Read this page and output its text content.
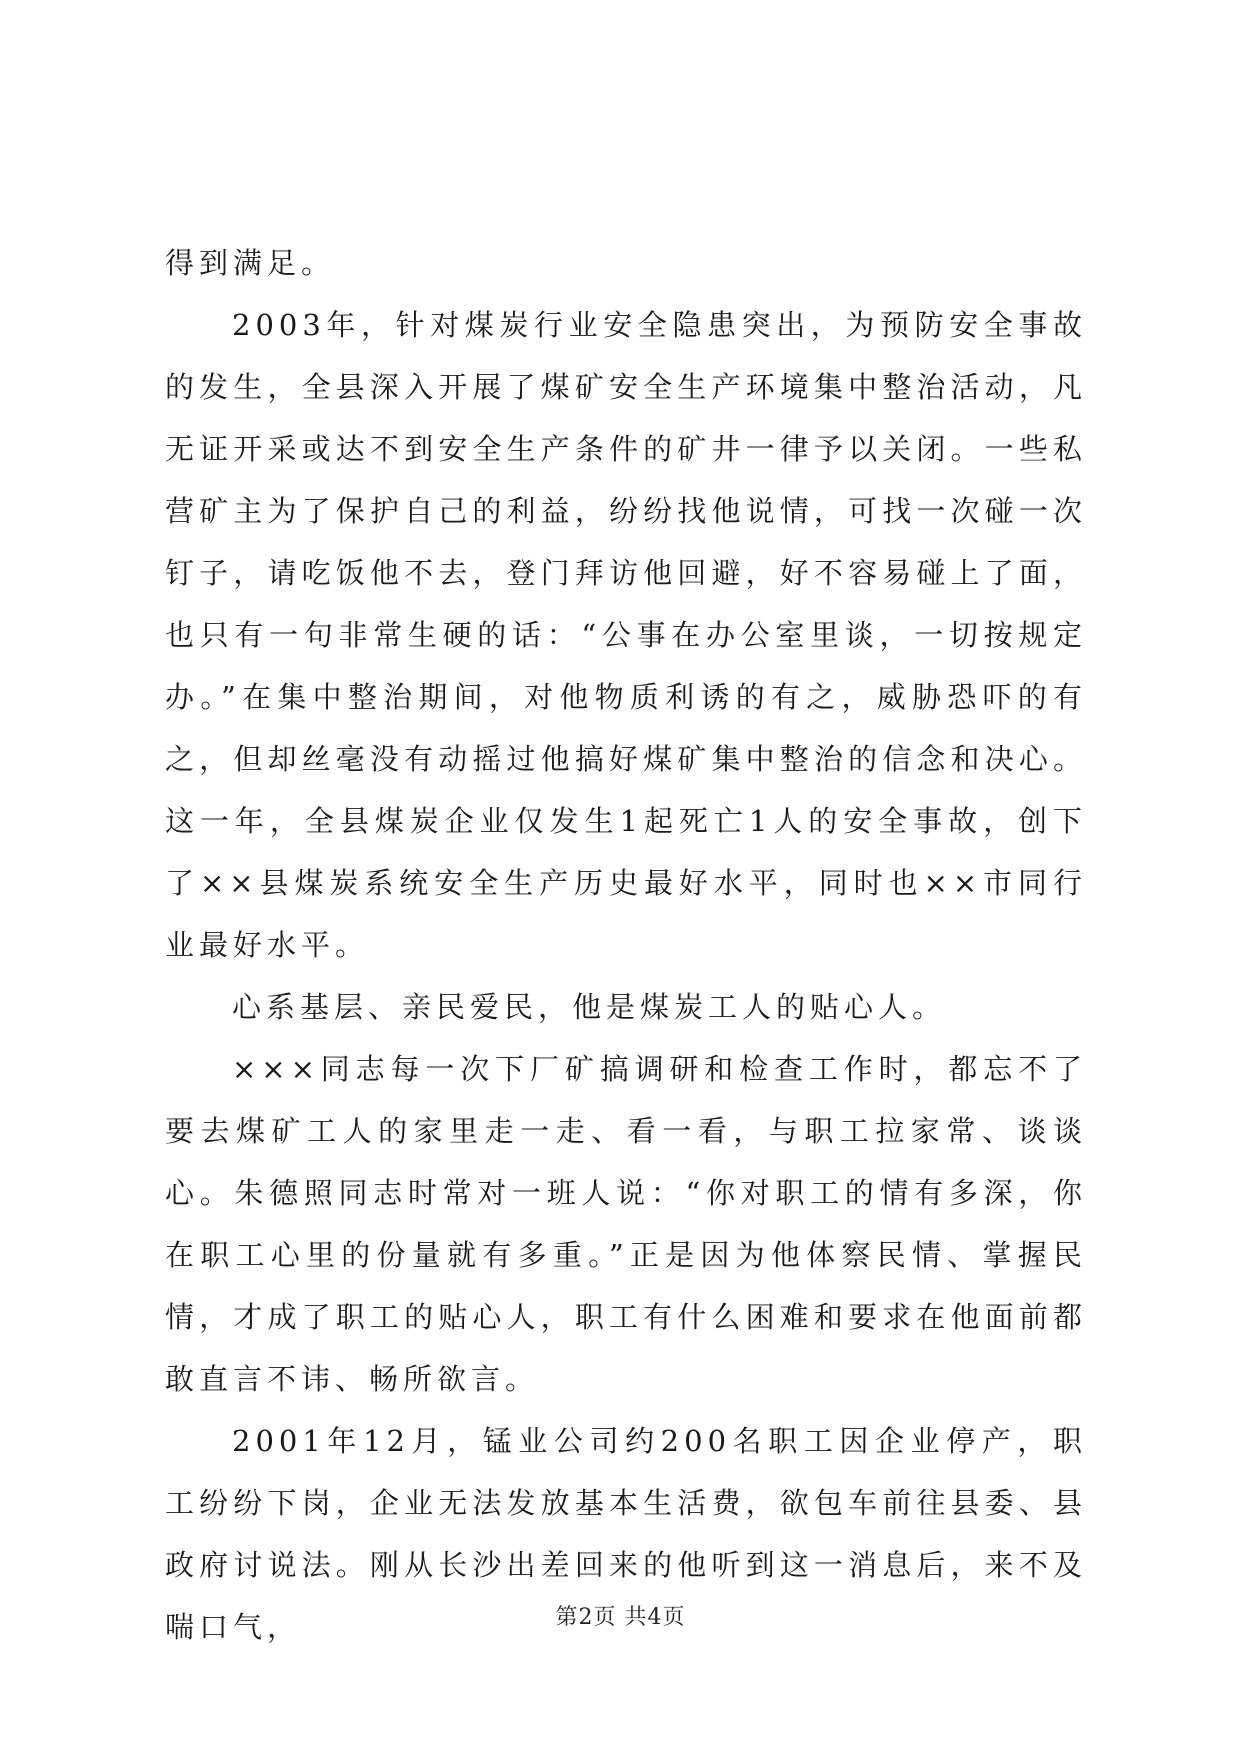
得到满足。

2003年，针对煤炭行业安全隐患突出，为预防安全事故的发生，全县深入开展了煤矿安全生产环境集中整治活动，凡无证开采或达不到安全生产条件的矿井一律予以关闭。一些私营矿主为了保护自己的利益，纷纷找他说情，可找一次碰一次钉子，请吃饭他不去，登门拜访他回避，好不容易碰上了面，也只有一句非常生硬的话：“公事在办公室里谈，一切按规定办。”在集中整治期间，对他物质利诱的有之，威胁恐吓的有之，但却丝毫没有动摇过他搞好煤矿集中整治的信念和决心。这一年，全县煤炭企业仅发生1起死亡1人的安全事故，创下了××县煤炭系统安全生产历史最好水平，同时也××市同行业最好水平。

心系基层、亲民爱民，他是煤炭工人的贴心人。

×××同志每一次下厂矿搞调研和检查工作时，都忘不了要去煤矿工人的家里走一走、看一看，与职工拉家常、谈谈心。朱德照同志时常对一班人说：“你对职工的情有多深，你在职工心里的份量就有多重。”正是因为他体察民情、掌握民情，才成了职工的贴心人，职工有什么困难和要求在他面前都敢直言不讳、畅所欲言。

2001年12月，锰业公司约200名职工因企业停产，职工纷纷下岗，企业无法发放基本生活费，欲包车前往县委、县政府讨说法。刚从长沙出差回来的他听到这一消息后，来不及喘口气，	第2页 共4页
